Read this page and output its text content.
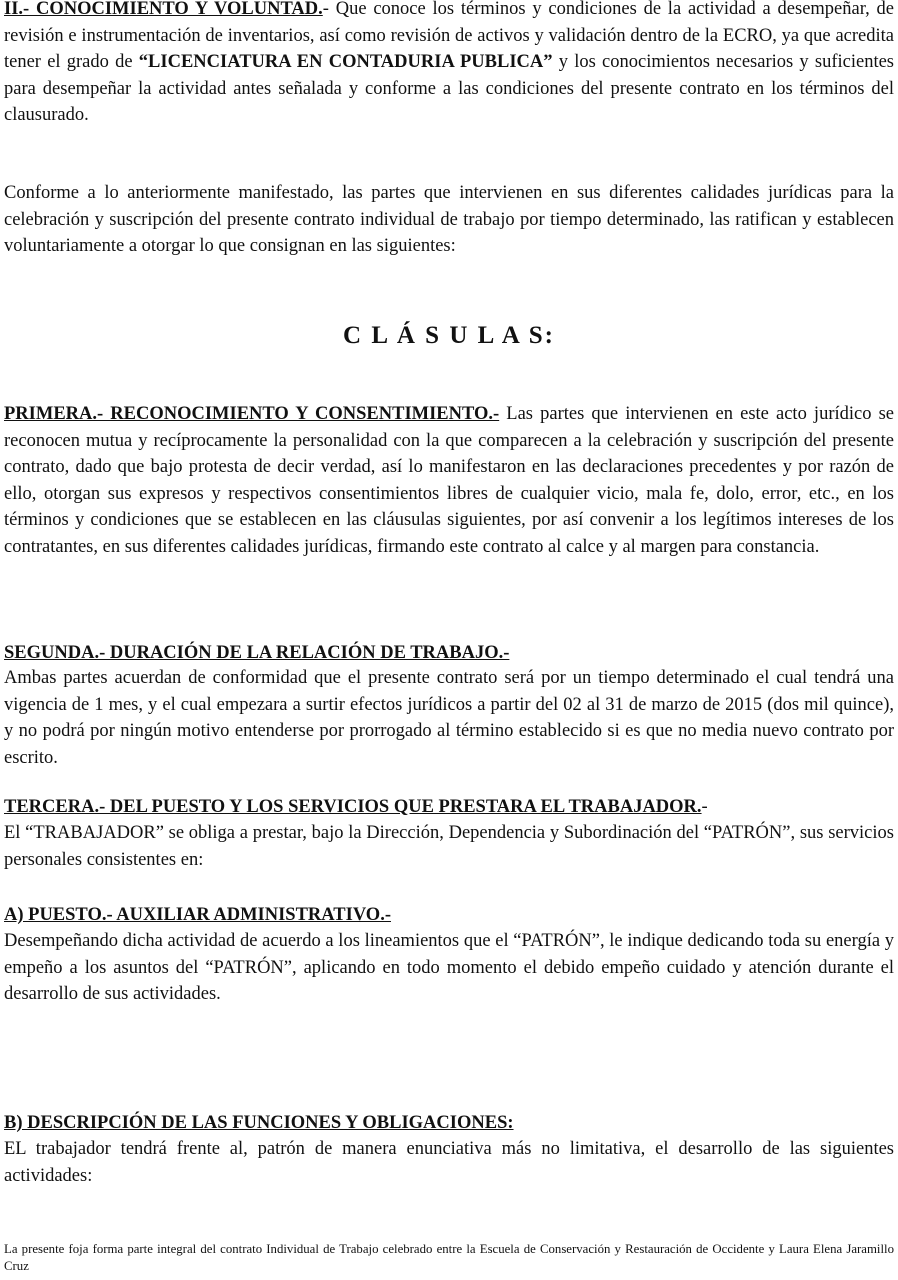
II.- CONOCIMIENTO Y VOLUNTAD.- Que conoce los términos y condiciones de la actividad a desempeñar, de revisión e instrumentación de inventarios, así como revisión de activos y validación dentro de la ECRO, ya que acredita tener el grado de “LICENCIATURA EN CONTADURIA PUBLICA” y los conocimientos necesarios y suficientes para desempeñar la actividad antes señalada y conforme a las condiciones del presente contrato en los términos del clausurado.

Conforme a lo anteriormente manifestado, las partes que intervienen en sus diferentes calidades jurídicas para la celebración y suscripción del presente contrato individual de trabajo por tiempo determinado, las ratifican y establecen voluntariamente a otorgar lo que consignan en las siguientes:

C L Á S U L A S:

PRIMERA.- RECONOCIMIENTO Y CONSENTIMIENTO.- Las partes que intervienen en este acto jurídico se reconocen mutua y recíprocamente la personalidad con la que comparecen a la celebración y suscripción del presente contrato, dado que bajo protesta de decir verdad, así lo manifestaron en las declaraciones precedentes y por razón de ello, otorgan sus expresos y respectivos consentimientos libres de cualquier vicio, mala fe, dolo, error, etc., en los términos y condiciones que se establecen en las cláusulas siguientes, por así convenir a los legítimos intereses de los contratantes, en sus diferentes calidades jurídicas, firmando este contrato al calce y al margen para constancia.

SEGUNDA.- DURACIÓN DE LA RELACIÓN DE TRABAJO.-

Ambas partes acuerdan de conformidad que el presente contrato será por un tiempo determinado el cual tendrá una vigencia de 1 mes, y el cual empezara a surtir efectos jurídicos a partir del 02 al 31 de marzo de 2015 (dos mil quince), y no podrá por ningún motivo entenderse por prorrogado al término establecido si es que no media nuevo contrato por escrito.

TERCERA.- DEL PUESTO Y LOS SERVICIOS QUE PRESTARA EL TRABAJADOR.-

El “TRABAJADOR” se obliga a prestar, bajo la Dirección, Dependencia y Subordinación del “PATRÓN”, sus servicios personales consistentes en:

A) PUESTO.- AUXILIAR ADMINISTRATIVO.-

Desempeñando dicha actividad de acuerdo a los lineamientos que el “PATRÓN”, le indique dedicando toda su energía y empeño a los asuntos del “PATRÓN”, aplicando en todo momento el debido empeño cuidado y atención durante el desarrollo de sus actividades.

B) DESCRIPCIÓN DE LAS FUNCIONES Y OBLIGACIONES:

EL trabajador tendrá frente al, patrón de manera enunciativa más no limitativa, el desarrollo de las siguientes actividades:

La presente foja forma parte integral del contrato Individual de Trabajo celebrado entre la Escuela de Conservación y Restauración de Occidente y Laura Elena Jaramillo Cruz
